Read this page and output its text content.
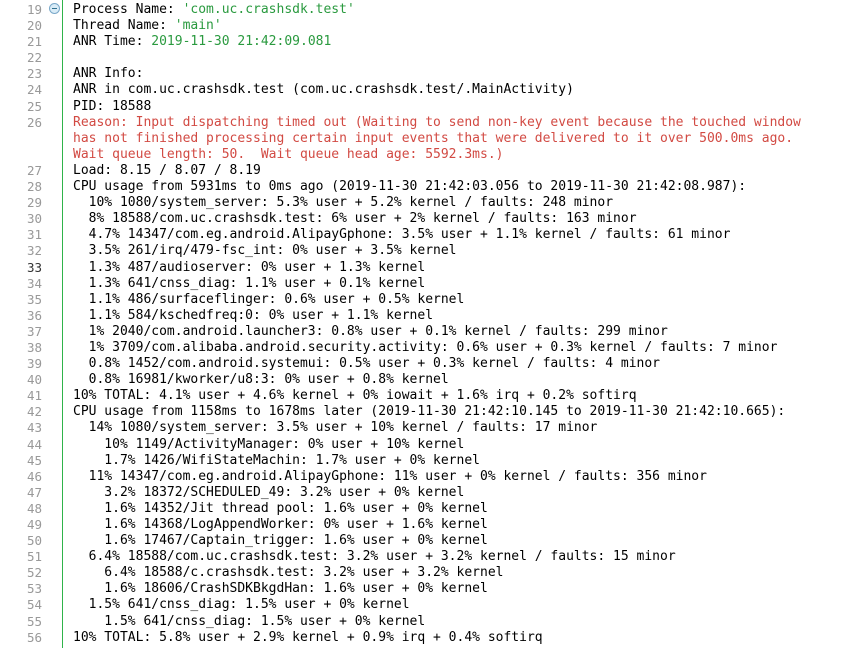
19
20
21
22
23
24
25
26
27
28
29
30
31
32
33
34
35
36
37
38
39
40
41
42
43
44
45
46
47
48
49
50
51
52
53
54
55
56
Process Name: 'com.uc.crashsdk.test'
Thread Name: 'main'
ANR Time: 2019-11-30 21:42:09.081
ANR Info:
ANR in com.uc.crashsdk.test (com.uc.crashsdk.test/.MainActivity)
PID: 18588
Reason: Input dispatching timed out (Waiting to send non-key event because the touched window
has not finished processing certain input events that were delivered to it over 500.0ms ago.
Wait queue length: 50.  Wait queue head age: 5592.3ms.)
Load: 8.15 / 8.07 / 8.19
CPU usage from 5931ms to 0ms ago (2019-11-30 21:42:03.056 to 2019-11-30 21:42:08.987):
10% 1080/system_server: 5.3% user + 5.2% kernel / faults: 248 minor
8% 18588/com.uc.crashsdk.test: 6% user + 2% kernel / faults: 163 minor
4.7% 14347/com.eg.android.AlipayGphone: 3.5% user + 1.1% kernel / faults: 61 minor
3.5% 261/irq/479-fsc_int: 0% user + 3.5% kernel
1.3% 487/audioserver: 0% user + 1.3% kernel
1.3% 641/cnss_diag: 1.1% user + 0.1% kernel
1.1% 486/surfaceflinger: 0.6% user + 0.5% kernel
1.1% 584/kschedfreq:0: 0% user + 1.1% kernel
1% 2040/com.android.launcher3: 0.8% user + 0.1% kernel / faults: 299 minor
1% 3709/com.alibaba.android.security.activity: 0.6% user + 0.3% kernel / faults: 7 minor
0.8% 1452/com.android.systemui: 0.5% user + 0.3% kernel / faults: 4 minor
0.8% 16981/kworker/u8:3: 0% user + 0.8% kernel
10% TOTAL: 4.1% user + 4.6% kernel + 0% iowait + 1.6% irq + 0.2% softirq
CPU usage from 1158ms to 1678ms later (2019-11-30 21:42:10.145 to 2019-11-30 21:42:10.665):
14% 1080/system_server: 3.5% user + 10% kernel / faults: 17 minor
10% 1149/ActivityManager: 0% user + 10% kernel
1.7% 1426/WifiStateMachin: 1.7% user + 0% kernel
11% 14347/com.eg.android.AlipayGphone: 11% user + 0% kernel / faults: 356 minor
3.2% 18372/SCHEDULED_49: 3.2% user + 0% kernel
1.6% 14352/Jit thread pool: 1.6% user + 0% kernel
1.6% 14368/LogAppendWorker: 0% user + 1.6% kernel
1.6% 17467/Captain_trigger: 1.6% user + 0% kernel
6.4% 18588/com.uc.crashsdk.test: 3.2% user + 3.2% kernel / faults: 15 minor
6.4% 18588/c.crashsdk.test: 3.2% user + 3.2% kernel
1.6% 18606/CrashSDKBkgdHan: 1.6% user + 0% kernel
1.5% 641/cnss_diag: 1.5% user + 0% kernel
1.5% 641/cnss_diag: 1.5% user + 0% kernel
10% TOTAL: 5.8% user + 2.9% kernel + 0.9% irq + 0.4% softirq
